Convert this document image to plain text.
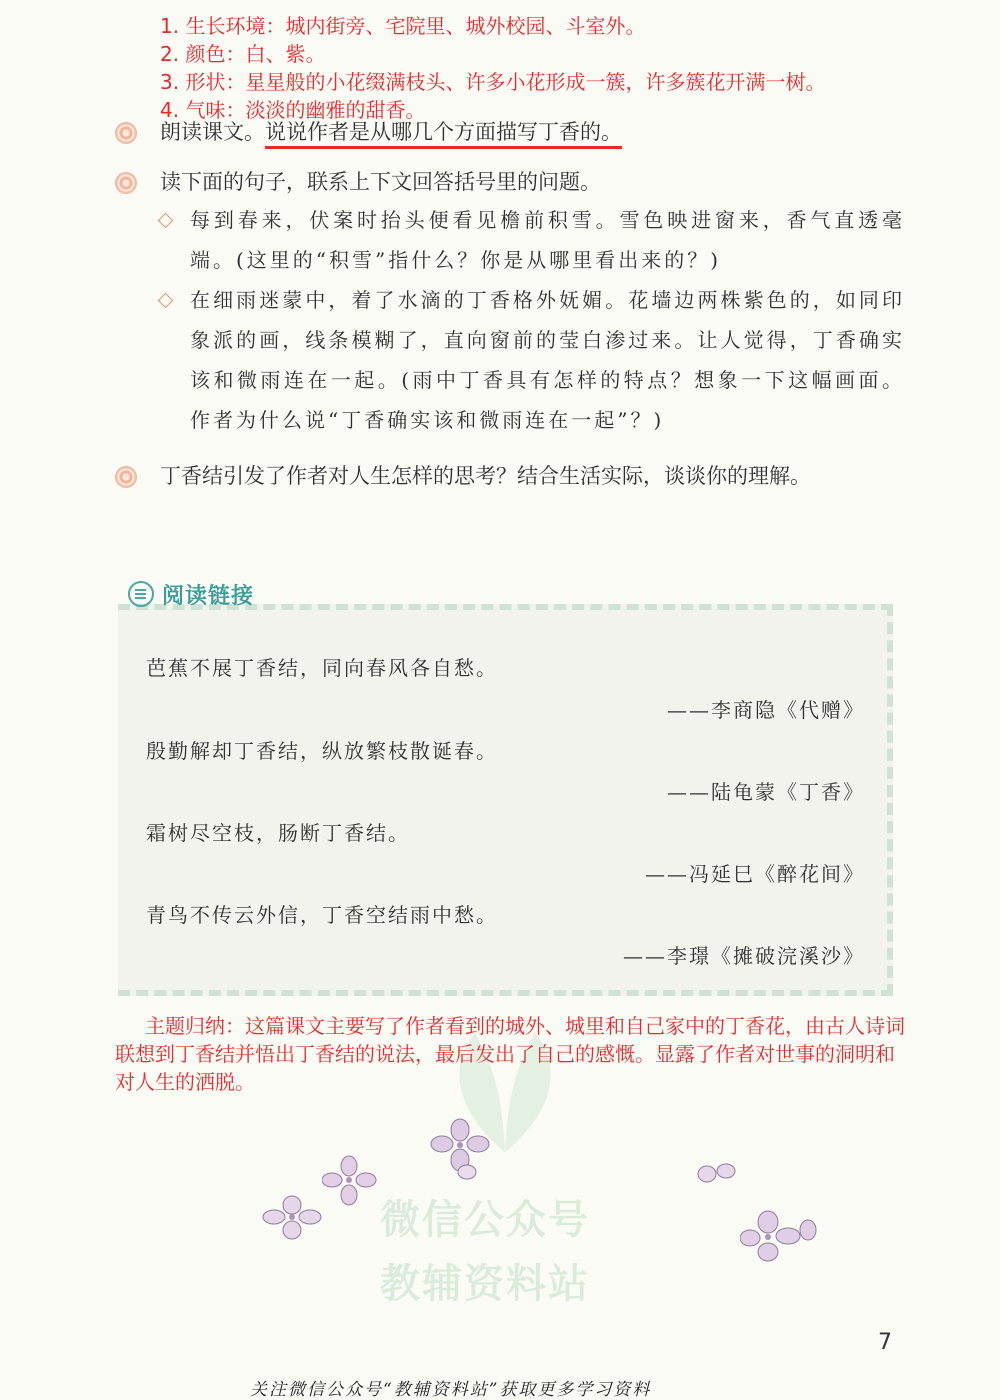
1. 生长环境：城内街旁、宅院里、城外校园、斗室外。
2. 颜色：白、紫。
3. 形状：星星般的小花缀满枝头、许多小花形成一簇，许多簇花开满一树。
4. 气味：淡淡的幽雅的甜香。
朗读课文。说说作者是从哪几个方面描写丁香的。
读下面的句子，联系上下文回答括号里的问题。
每到春来，伏案时抬头便看见檐前积雪。雪色映进窗来，香气直透毫端。(这里的“积雪”指什么？你是从哪里看出来的？)
在细雨迷蒙中，着了水滴的丁香格外妩媚。花墙边两株紫色的，如同印象派的画，线条模糊了，直向窗前的莹白渗过来。让人觉得，丁香确实该和微雨连在一起。(雨中丁香具有怎样的特点？想象一下这幅画面。作者为什么说“丁香确实该和微雨连在一起”？)
丁香结引发了作者对人生怎样的思考？结合生活实际，谈谈你的理解。
阅读链接
芭蕉不展丁香结，同向春风各自愁。
——李商隐《代赠》
殷勤解却丁香结，纵放繁枝散诞春。
——陆龟蒙《丁香》
霜树尽空枝，肠断丁香结。
——冯延巳《醉花间》
青鸟不传云外信，丁香空结雨中愁。
——李璟《摊破浣溪沙》
主题归纳：这篇课文主要写了作者看到的城外、城里和自己家中的丁香花，由古人诗词联想到丁香结并悟出丁香结的说法，最后发出了自己的感慨。显露了作者对世事的洞明和对人生的洒脱。
微信公众号
教辅资料站
7
关注微信公众号“教辅资料站”获取更多学习资料
